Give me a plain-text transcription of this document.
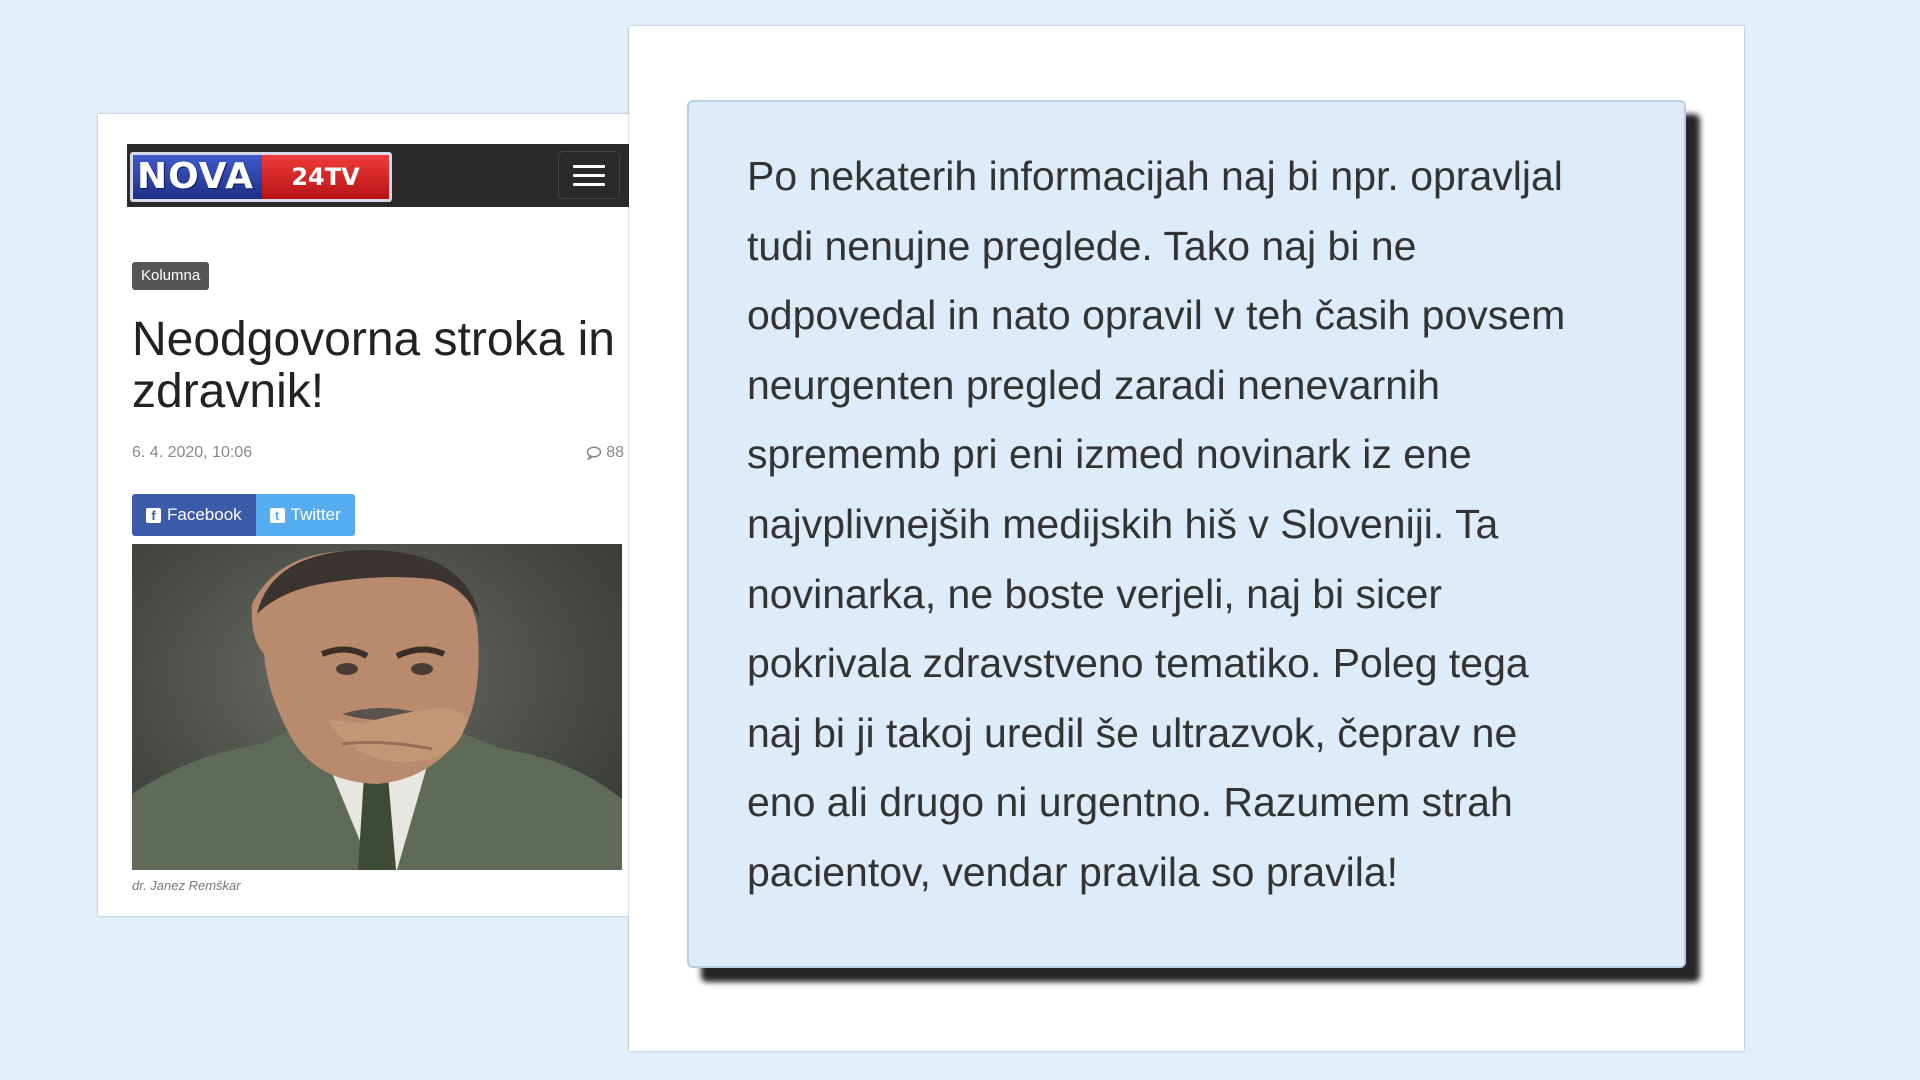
NOVA	24TV
Kolumna
Neodgovorna stroka in zdravnik!
6. 4. 2020, 10:06	88
f Facebook	t Twitter
dr. Janez Remškar

Po nekaterih informacijah naj bi npr. opravljal
tudi nenujne preglede. Tako naj bi ne
odpovedal in nato opravil v teh časih povsem
neurgenten pregled zaradi nenevarnih
sprememb pri eni izmed novinark iz ene
najvplivnejših medijskih hiš v Sloveniji. Ta
novinarka, ne boste verjeli, naj bi sicer
pokrivala zdravstveno tematiko. Poleg tega
naj bi ji takoj uredil še ultrazvok, čeprav ne
eno ali drugo ni urgentno. Razumem strah
pacientov, vendar pravila so pravila!
